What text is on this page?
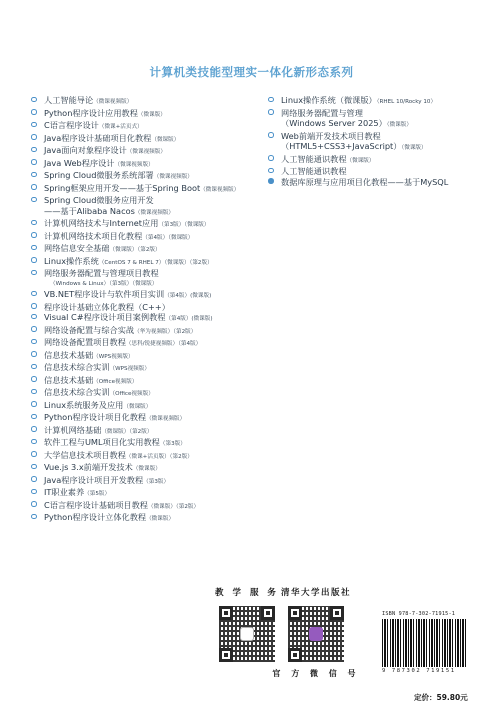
计算机类技能型理实一体化新形态系列
人工智能导论（微课视频版）
Python程序设计应用教程（微课版）
C语言程序设计（微课+活页式）
Java程序设计基础项目化教程（微课版）
Java面向对象程序设计（微课视频版）
Java Web程序设计（微课视频版）
Spring Cloud微服务系统部署（微课视频版）
Spring框架应用开发——基于Spring Boot（微课视频版）
Spring Cloud微服务应用开发
——基于Alibaba Nacos（微课视频版）
计算机网络技术与Internet应用（第3版）（微课版）
计算机网络技术项目化教程（第4版）（微课版）
网络信息安全基础（微课版）（第2版）
Linux操作系统（CentOS 7 & RHEL 7）（微课版）（第2版）
网络服务器配置与管理项目教程
（Windows & Linux）（第3版）（微课版）
VB.NET程序设计与软件项目实训（第4版）(微课版)
程序设计基础立体化教程（C++）
Visual C#程序设计项目案例教程（第4版）(微课版)
网络设备配置与综合实战（华为视频版）（第2版）
网络设备配置项目教程（思科/锐捷视频版）（第4版）
信息技术基础（WPS视频版）
信息技术综合实训（WPS视频版）
信息技术基础（Office视频版）
信息技术综合实训（Office视频版）
Linux系统服务及应用（微课版）
Python程序设计项目化教程（微课视频版）
计算机网络基础（微课版）（第2版）
软件工程与UML项目化实用教程（第3版）
大学信息技术项目教程（微课+活页版）（第2版）
Vue.js 3.x前端开发技术（微课版）
Java程序设计项目开发教程（第3版）
IT职业素养（第5版）
C语言程序设计基础项目教程（微课版）（第2版）
Python程序设计立体化教程（微课版）
Linux操作系统（微课版）（RHEL 10/Rocky 10）
网络服务器配置与管理
（Windows Server 2025）（微课版）
Web前端开发技术项目教程
（HTML5+CSS3+JavaScript）（微课版）
人工智能通识教程（微课版）
人工智能通识教程
数据库原理与应用项目化教程——基于MySQL
教 学 服 务 清华大学出版社
官 方 微 信 号
ISBN 978-7-302-71915-1
9 787302 719151
定价：59.80元
